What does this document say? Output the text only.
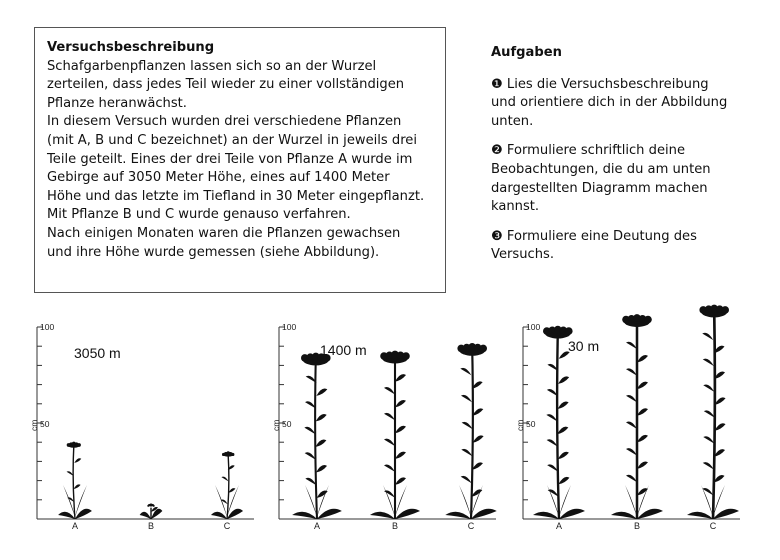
Versuchsbeschreibung
Schafgarbenpflanzen lassen sich so an der Wurzel
zerteilen, dass jedes Teil wieder zu einer vollständigen
Pflanze heranwächst.
In diesem Versuch wurden drei verschiedene Pflanzen
(mit A, B und C bezeichnet) an der Wurzel in jeweils drei
Teile geteilt. Eines der drei Teile von Pflanze A wurde im
Gebirge auf 3050 Meter Höhe, eines auf 1400 Meter
Höhe und das letzte im Tiefland in 30 Meter eingepflanzt.
Mit Pflanze B und C wurde genauso verfahren.
Nach einigen Monaten waren die Pflanzen gewachsen
und ihre Höhe wurde gemessen (siehe Abbildung).
Aufgaben
❶ Lies die Versuchsbeschreibung
und orientiere dich in der Abbildung
unten.
❷ Formuliere schriftlich deine
Beobachtungen, die du am unten
dargestellten Diagramm machen
kannst.
❸ Formuliere eine Deutung des
Versuchs.
3050 m
100
50
cm
A	B	C
1400 m
100
50
cm
A	B	C
30 m
100
50
cm
A	B	C
